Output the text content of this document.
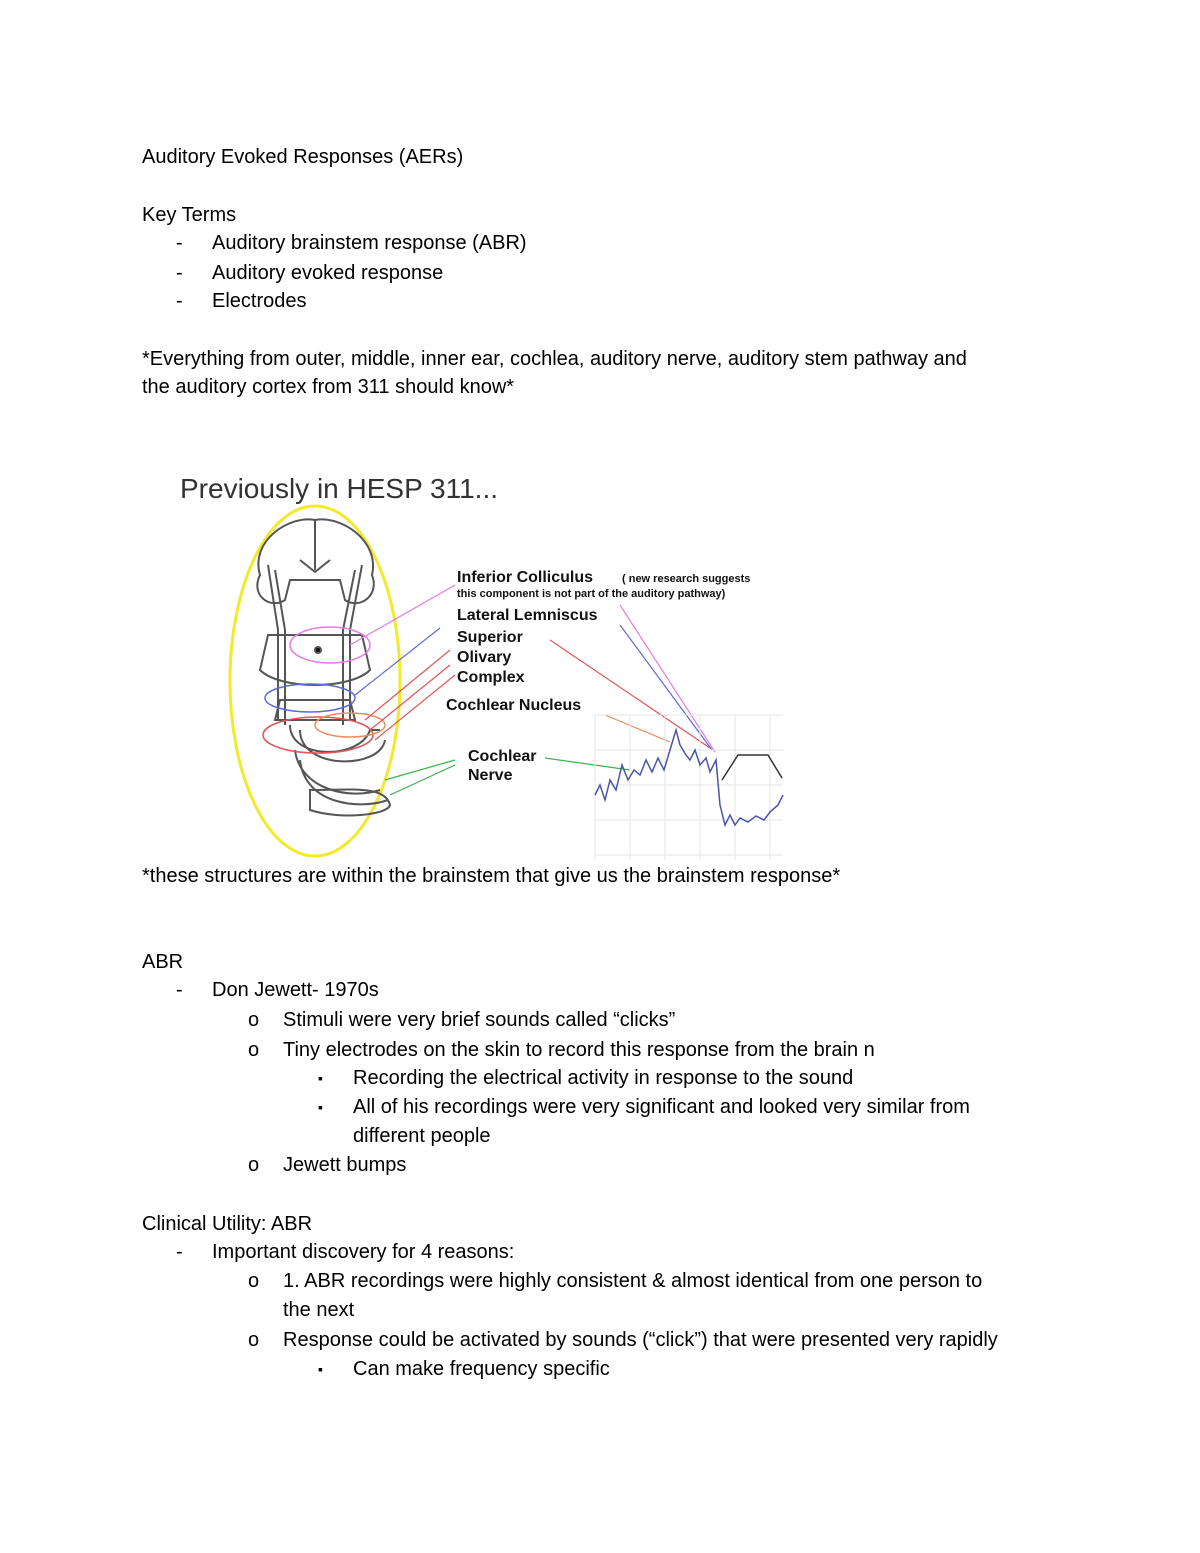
Auditory Evoked Responses (AERs)
Key Terms
- Auditory brainstem response (ABR)
- Auditory evoked response
- Electrodes
*Everything from outer, middle, inner ear, cochlea, auditory nerve, auditory stem pathway and
the auditory cortex from 311 should know*
Previously in HESP 311...
Inferior Colliculus	( new research suggests
this component is not part of the auditory pathway)
Lateral Lemniscus
Superior
Olivary
Complex
Cochlear Nucleus
Cochlear
Nerve
*these structures are within the brainstem that give us the brainstem response*
ABR
- Don Jewett- 1970s
o Stimuli were very brief sounds called “clicks”
o Tiny electrodes on the skin to record this response from the brain n
▪ Recording the electrical activity in response to the sound
▪ All of his recordings were very significant and looked very similar from
different people
o Jewett bumps
Clinical Utility: ABR
- Important discovery for 4 reasons:
o 1. ABR recordings were highly consistent & almost identical from one person to
the next
o Response could be activated by sounds (“click”) that were presented very rapidly
▪ Can make frequency specific
